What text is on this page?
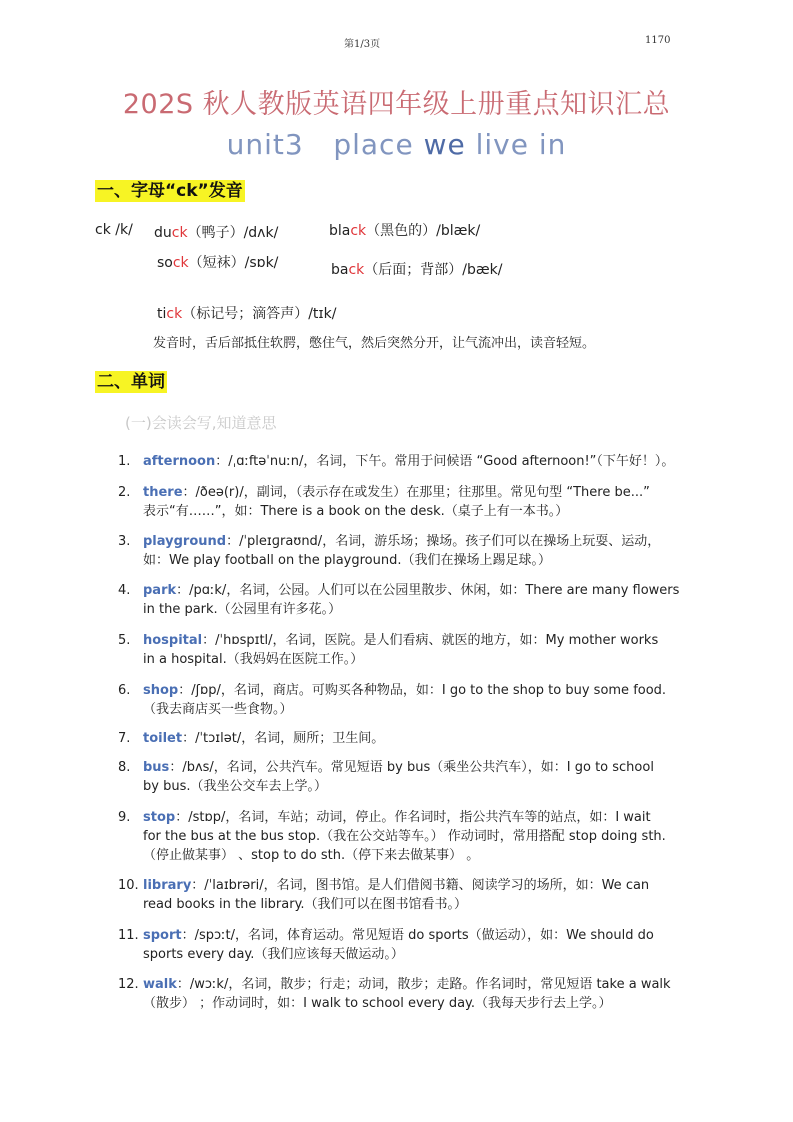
第1/3页	1170
202S 秋人教版英语四年级上册重点知识汇总
unit3   place we live in
一、字母“ck”发音
ck /k/ duck（鸭子）/dʌk/
sock（短袜）/sɒk/
black（黑色的）/blæk/
back（后面；背部）/bæk/
tick（标记号；滴答声）/tɪk/
发音时，舌后部抵住软腭，憋住气，然后突然分开，让气流冲出，读音轻短。
二、单词
(一)会读会写,知道意思
1. afternoon：/ˌɑːftəˈnuːn/，名词，下午。常用于问候语 “Good afternoon!”（下午好！）。
2. there：/ðeə(r)/，副词，（表示存在或发生）在那里；往那里。常见句型 “There be...”
表示“有……”，如：There is a book on the desk.（桌子上有一本书。）
3. playground：/ˈpleɪɡraʊnd/，名词，游乐场；操场。孩子们可以在操场上玩耍、运动，
如：We play football on the playground.（我们在操场上踢足球。）
4. park：/pɑːk/，名词，公园。人们可以在公园里散步、休闲，如：There are many flowers
in the park.（公园里有许多花。）
5. hospital：/ˈhɒspɪtl/，名词，医院。是人们看病、就医的地方，如：My mother works
in a hospital.（我妈妈在医院工作。）
6. shop：/ʃɒp/，名词，商店。可购买各种物品，如：I go to the shop to buy some food.
（我去商店买一些食物。）
7. toilet：/ˈtɔɪlət/，名词，厕所；卫生间。
8. bus：/bʌs/，名词，公共汽车。常见短语 by bus（乘坐公共汽车），如：I go to school
by bus.（我坐公交车去上学。）
9. stop：/stɒp/，名词，车站；动词，停止。作名词时，指公共汽车等的站点，如：I wait
for the bus at the bus stop.（我在公交站等车。） 作动词时，常用搭配 stop doing sth.
（停止做某事） 、stop to do sth.（停下来去做某事） 。
10. library：/ˈlaɪbrəri/，名词，图书馆。是人们借阅书籍、阅读学习的场所，如：We can
read books in the library.（我们可以在图书馆看书。）
11. sport：/spɔːt/，名词，体育运动。常见短语 do sports（做运动），如：We should do
sports every day.（我们应该每天做运动。）
12. walk：/wɔːk/，名词，散步；行走；动词，散步；走路。作名词时，常见短语 take a walk
（散步） ；作动词时，如：I walk to school every day.（我每天步行去上学。）
